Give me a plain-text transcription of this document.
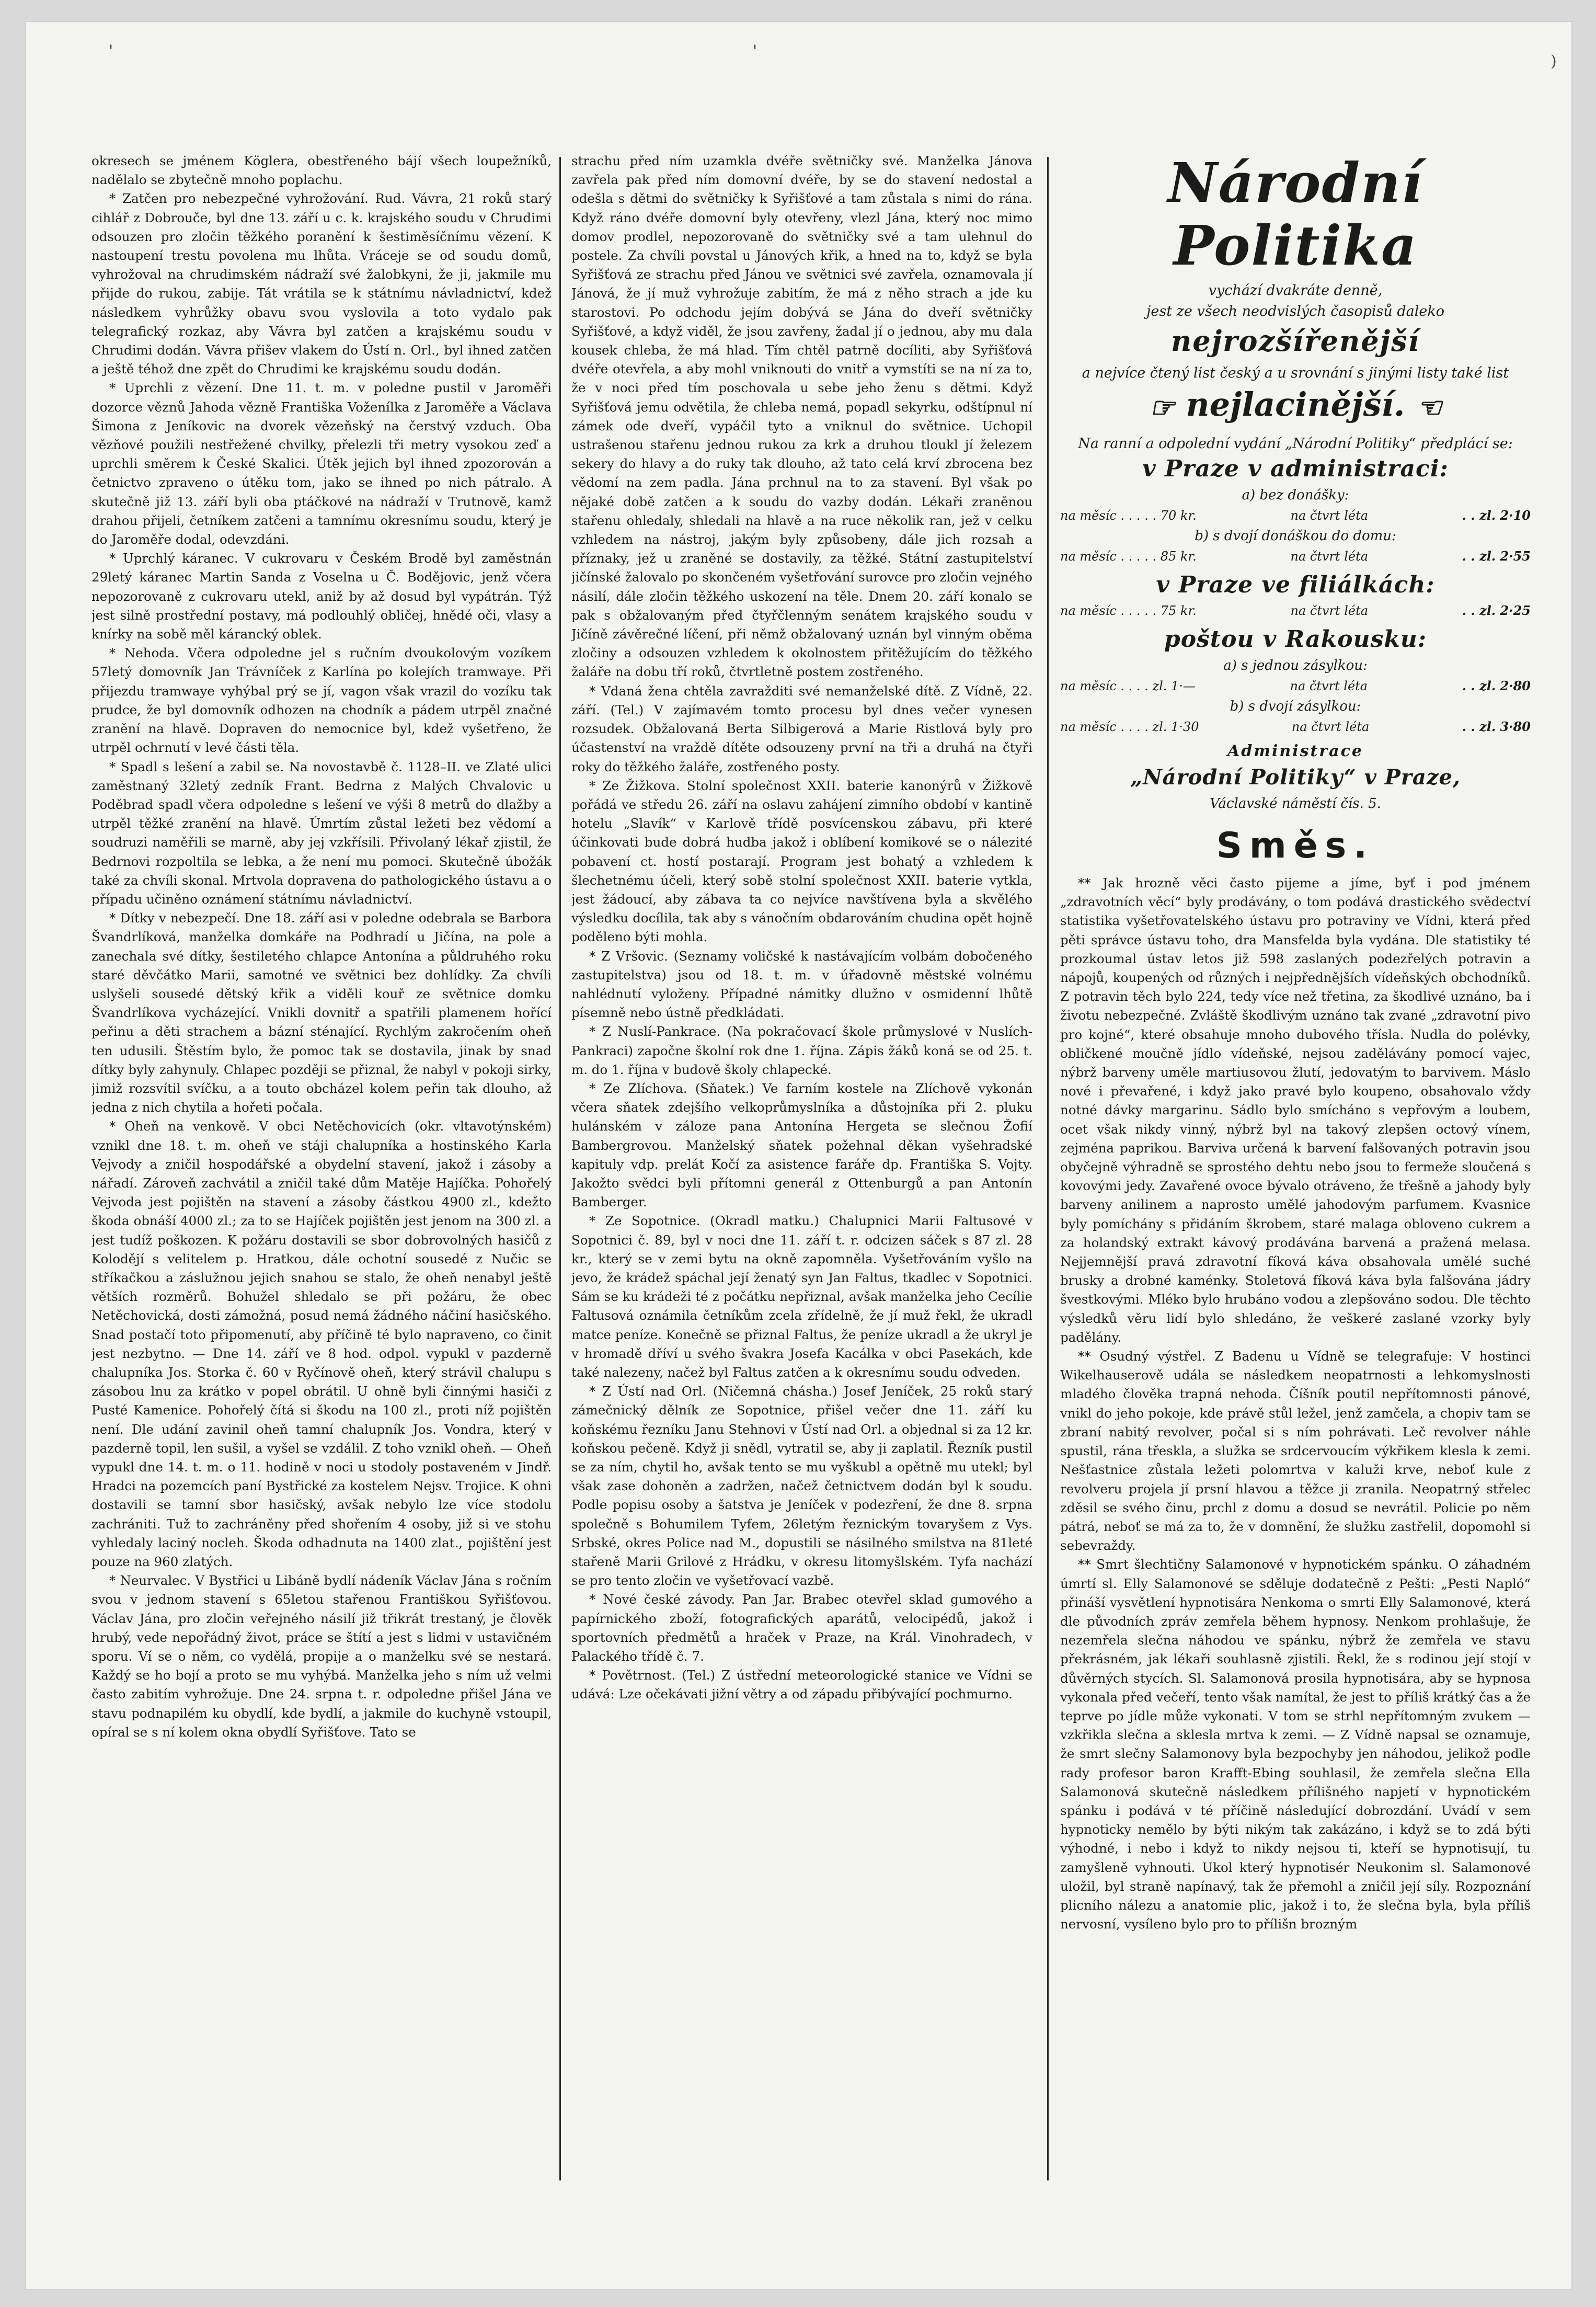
'	'
)

okresech se jménem Köglera, obestřeného bájí všech loupežníků, nadělalo se zbytečně mnoho poplachu.

* Zatčen pro nebezpečné vyhrožování. Rud. Vávra, 21 roků starý cihlář z Dobrouče, byl dne 13. září u c. k. krajského soudu v Chrudimi odsouzen pro zločin těžkého poranění k šestiměsíčnímu vězení. K nastoupení trestu povolena mu lhůta. Vráceje se od soudu domů, vyhrožoval na chrudimském nádraží své žalobkyni, že ji, jakmile mu přijde do rukou, zabije. Tát vrátila se k státnímu návladnictví, kdež následkem vyhrůžky obavu svou vyslovila a toto vydalo pak telegrafický rozkaz, aby Vávra byl zatčen a krajskému soudu v Chrudimi dodán. Vávra přišev vlakem do Ústí n. Orl., byl ihned zatčen a ještě téhož dne zpět do Chrudimi ke krajskému soudu dodán.

* Uprchli z vězení. Dne 11. t. m. v poledne pustil v Jaroměři dozorce věznů Jahoda vězně Františka Voženílka z Jaroměře a Václava Šimona z Jeníkovic na dvorek vězeňský na čerstvý vzduch. Oba vězňové použili nestřežené chvilky, přelezli tři metry vysokou zeď a uprchli směrem k České Skalici. Útěk jejich byl ihned zpozorován a četnictvo zpraveno o útěku tom, jako se ihned po nich pátralo. A skutečně již 13. září byli oba ptáčkové na nádraží v Trutnově, kamž drahou přijeli, četníkem zatčeni a tamnímu okresnímu soudu, který je do Jaroměře dodal, odevzdáni.

* Uprchlý káranec. V cukrovaru v Českém Brodě byl zaměstnán 29letý káranec Martin Sanda z Voselna u Č. Bodějovic, jenž včera nepozorovaně z cukrovaru utekl, aniž by až dosud byl vypátrán. Týž jest silně prostřední postavy, má podlouhlý obličej, hnědé oči, vlasy a knírky na sobě měl kárancký oblek.

* Nehoda. Včera odpoledne jel s ručním dvoukolovým vozíkem 57letý domovník Jan Trávníček z Karlína po kolejích tramwaye. Při přijezdu tramwaye vyhýbal prý se jí, vagon však vrazil do vozíku tak prudce, že byl domovník odhozen na chodník a pádem utrpěl značné zranění na hlavě. Dopraven do nemocnice byl, kdež vyšetřeno, že utrpěl ochrnutí v levé části těla.

* Spadl s lešení a zabil se. Na novostavbě č. 1128–II. ve Zlaté ulici zaměstnaný 32letý zedník Frant. Bedrna z Malých Chvalovic u Poděbrad spadl včera odpoledne s lešení ve výši 8 metrů do dlažby a utrpěl těžké zranění na hlavě. Úmrtím zůstal ležeti bez vědomí a soudruzi naměřili se marně, aby jej vzkřísili. Přivolaný lékař zjistil, že Bedrnovi rozpoltila se lebka, a že není mu pomoci. Skutečně úbožák také za chvíli skonal. Mrtvola dopravena do pathologického ústavu a o případu učiněno oznámení státnímu návladnictví.

* Dítky v nebezpečí. Dne 18. září asi v poledne odebrala se Barbora Švandrlíková, manželka domkáře na Podhradí u Jičína, na pole a zanechala své dítky, šestiletého chlapce Antonína a půldruhého roku staré děvčátko Marii, samotné ve světnici bez dohlídky. Za chvíli uslyšeli sousedé dětský křik a viděli kouř ze světnice domku Švandrlíkova vycházející. Vnikli dovnitř a spatřili plamenem hořící peřinu a děti strachem a bázní sténající. Rychlým zakročením oheň ten udusili. Štěstím bylo, že pomoc tak se dostavila, jinak by snad dítky byly zahynuly. Chlapec později se přiznal, že nabyl v pokoji sirky, jimiž rozsvítil svíčku, a a touto obcházel kolem peřin tak dlouho, až jedna z nich chytila a hořeti počala.

* Oheň na venkově. V obci Netěchovicích (okr. vltavotýnském) vznikl dne 18. t. m. oheň ve stáji chalupníka a hostinského Karla Vejvody a zničil hospodářské a obydelní stavení, jakož i zásoby a nářadí. Zároveň zachvátil a zničil také dům Matěje Hajíčka. Pohořelý Vejvoda jest pojištěn na stavení a zásoby částkou 4900 zl., kdežto škoda obnáší 4000 zl.; za to se Hajíček pojištěn jest jenom na 300 zl. a jest tudíž poškozen. K požáru dostavili se sbor dobrovolných hasičů z Kolodějí s velitelem p. Hratkou, dále ochotní sousedé z Nučic se stříkačkou a záslužnou jejich snahou se stalo, že oheň nenabyl ještě větších rozměrů. Bohužel shledalo se při požáru, že obec Netěchovická, dosti zámožná, posud nemá žádného náčiní hasičského. Snad postačí toto připomenutí, aby příčině té bylo napraveno, co činit jest nezbytno. — Dne 14. září ve 8 hod. odpol. vypukl v pazderně chalupníka Jos. Storka č. 60 v Ryčínově oheň, který strávil chalupu s zásobou lnu za krátko v popel obrátil. U ohně byli činnými hasiči z Pusté Kamenice. Pohořelý čítá si škodu na 100 zl., proti níž pojištěn není. Dle udání zavinil oheň tamní chalupník Jos. Vondra, který v pazderně topil, len sušil, a vyšel se vzdálil. Z toho vznikl oheň. — Oheň vypukl dne 14. t. m. o 11. hodině v noci u stodoly postaveném v Jindř. Hradci na pozemcích paní Bystřické za kostelem Nejsv. Trojice. K ohni dostavili se tamní sbor hasičský, avšak nebylo lze více stodolu zachrániti. Tuž to zachráněny před shořením 4 osoby, již si ve stohu vyhledaly laciný nocleh. Škoda odhadnuta na 1400 zlat., pojištění jest pouze na 960 zlatých.

* Neurvalec. V Bystřici u Libáně bydlí nádeník Václav Jána s ročním svou v jednom stavení s 65letou stařenou Františkou Syřišťovou. Václav Jána, pro zločin veřejného násilí již třikrát trestaný, je člověk hrubý, vede nepořádný život, práce se štítí a jest s lidmi v ustavičném sporu. Ví se o něm, co vydělá, propije a o manželku své se nestará. Každý se ho bojí a proto se mu vyhýbá. Manželka jeho s ním už velmi často zabitím vyhrožuje. Dne 24. srpna t. r. odpoledne přišel Jána ve stavu podnapilém ku obydlí, kde bydlí, a jakmile do kuchyně vstoupil, opíral se s ní kolem okna obydlí Syřišťove. Tato se

strachu před ním uzamkla dvéře světničky své. Manželka Jánova zavřela pak před ním domovní dvéře, by se do stavení nedostal a odešla s dětmi do světničky k Syřišťové a tam zůstala s nimi do rána. Když ráno dvéře domovní byly otevřeny, vlezl Jána, který noc mimo domov prodlel, nepozorovaně do světničky své a tam ulehnul do postele. Za chvíli povstal u Jánových křik, a hned na to, když se byla Syřišťová ze strachu před Jánou ve světnici své zavřela, oznamovala jí Jánová, že jí muž vyhrožuje zabitím, že má z něho strach a jde ku starostovi. Po odchodu jejím dobývá se Jána do dveří světničky Syřišťové, a když viděl, že jsou zavřeny, žadal jí o jednou, aby mu dala kousek chleba, že má hlad. Tím chtěl patrně docíliti, aby Syřišťová dvéře otevřela, a aby mohl vniknouti do vnitř a vymstíti se na ní za to, že v noci před tím poschovala u sebe jeho ženu s dětmi. Když Syřišťová jemu odvětila, že chleba nemá, popadl sekyrku, odštípnul ní zámek ode dveří, vypáčil tyto a vniknul do světnice. Uchopil ustrašenou stařenu jednou rukou za krk a druhou tloukl jí železem sekery do hlavy a do ruky tak dlouho, až tato celá krví zbrocena bez vědomí na zem padla. Jána prchnul na to za stavení. Byl však po nějaké době zatčen a k soudu do vazby dodán. Lékaři zraněnou stařenu ohledaly, shledali na hlavě a na ruce několik ran, jež v celku vzhledem na nástroj, jakým byly způsobeny, dále jich rozsah a příznaky, jež u zraněné se dostavily, za těžké. Státní zastupitelství jičínské žalovalo po skončeném vyšetřování surovce pro zločin vejného násilí, dále zločin těžkého uskození na těle. Dnem 20. září konalo se pak s obžalovaným před čtyřčlenným senátem krajského soudu v Jičíně závěrečné líčení, při němž obžalovaný uznán byl vinným oběma zločiny a odsouzen vzhledem k okolnostem přitěžujícím do těžkého žaláře na dobu tří roků, čtvrtletně postem zostřeného.

* Vdaná žena chtěla zavražditi své nemanželské dítě. Z Vídně, 22. září. (Tel.) V zajímavém tomto procesu byl dnes večer vynesen rozsudek. Obžalovaná Berta Silbigerová a Marie Ristlová byly pro účastenství na vraždě dítěte odsouzeny první na tři a druhá na čtyři roky do těžkého žaláře, zostřeného posty.

* Ze Žižkova. Stolní společnost XXII. baterie kanonýrů v Žižkově pořádá ve středu 26. září na oslavu zahájení zimního období v kantině hotelu „Slavík“ v Karlově třídě posvícenskou zábavu, při které účinkovati bude dobrá hudba jakož i oblíbení komikové se o nálezité pobavení ct. hostí postarají. Program jest bohatý a vzhledem k šlechetnému účeli, který sobě stolní společnost XXII. baterie vytkla, jest žádoucí, aby zábava ta co nejvíce navštívena byla a skvělého výsledku docílila, tak aby s vánočním obdarováním chudina opět hojně poděleno býti mohla.

* Z Vršovic. (Seznamy voličské k nastávajícím volbám dobočeného zastupitelstva) jsou od 18. t. m. v úřadovně městské volnému nahlédnutí vyloženy. Případné námitky dlužno v osmidenní lhůtě písemně nebo ústně předkládati.

* Z Nuslí-Pankrace. (Na pokračovací škole průmyslové v Nuslích-Pankraci) započne školní rok dne 1. října. Zápis žáků koná se od 25. t. m. do 1. října v budově školy chlapecké.

* Ze Zlíchova. (Sňatek.) Ve farním kostele na Zlíchově vykonán včera sňatek zdejšího velkoprůmyslníka a důstojníka při 2. pluku hulánském v záloze pana Antonína Hergeta se slečnou Žofií Bambergrovou. Manželský sňatek požehnal děkan vyšehradské kapituly vdp. prelát Kočí za asistence faráře dp. Františka S. Vojty. Jakožto svědci byli přítomni generál z Ottenburgů a pan Antonín Bamberger.

* Ze Sopotnice. (Okradl matku.) Chalupnici Marii Faltusové v Sopotnici č. 89, byl v noci dne 11. září t. r. odcizen sáček s 87 zl. 28 kr., který se v zemi bytu na okně zapomněla. Vyšetřováním vyšlo na jevo, že krádež spáchal její ženatý syn Jan Faltus, tkadlec v Sopotnici. Sám se ku krádeži té z počátku nepřiznal, avšak manželka jeho Cecílie Faltusová oznámila četníkům zcela zřídelně, že jí muž řekl, že ukradl matce peníze. Konečně se přiznal Faltus, že peníze ukradl a že ukryl je v hromadě dříví u svého švakra Josefa Kacálka v obci Pasekách, kde také nalezeny, načež byl Faltus zatčen a k okresnímu soudu odveden.

* Z Ústí nad Orl. (Ničemná chásha.) Josef Jeníček, 25 roků starý zámečnický dělník ze Sopotnice, přišel večer dne 11. září ku koňskému řezníku Janu Stehnovi v Ústí nad Orl. a objednal si za 12 kr. koňskou pečeně. Když ji snědl, vytratil se, aby ji zaplatil. Řezník pustil se za ním, chytil ho, avšak tento se mu vyškubl a opětně mu utekl; byl však zase dohoněn a zadržen, načež četnictvem dodán byl k soudu. Podle popisu osoby a šatstva je Jeníček v podezření, že dne 8. srpna společně s Bohumilem Tyfem, 26letým řeznickým tovaryšem z Vys. Srbské, okres Police nad M., dopustili se násilného smilstva na 81leté stařeně Marii Grilové z Hrádku, v okresu litomyšlském. Tyfa nachází se pro tento zločin ve vyšetřovací vazbě.

* Nové české závody. Pan Jar. Brabec otevřel sklad gumového a papírnického zboží, fotografických aparátů, velocipédů, jakož i sportovních předmětů a hraček v Praze, na Král. Vinohradech, v Palackého třídě č. 7.

* Povětrnost. (Tel.) Z ústřední meteorologické stanice ve Vídni se udává: Lze očekávati jižní větry a od západu přibývající pochmurno.

Národní Politika

vychází dvakráte denně,

jest ze všech neodvislých časopisů daleko

nejrozšířenější

a nejvíce čtený list český a u srovnání s jinými listy také list

☞ nejlacinější. ☜

Na ranní a odpolední vydání „Národní Politiky“ předplácí se:

v Praze v administraci:

a) bez donášky:

na měsíc . . . . . 70 kr.	na čtvrt léta	. . zl. 2·10

b) s dvojí donáškou do domu:

na měsíc . . . . . 85 kr.	na čtvrt léta	. . zl. 2·55

v Praze ve filiálkách:

na měsíc . . . . . 75 kr.	na čtvrt léta	. . zl. 2·25

poštou v Rakousku:

a) s jednou zásylkou:

na měsíc . . . . zl. 1·—	na čtvrt léta	. . zl. 2·80

b) s dvojí zásylkou:

na měsíc . . . . zl. 1·30	na čtvrt léta	. . zl. 3·80

Administrace

„Národní Politiky“ v Praze,

Václavské náměstí čís. 5.

Směs.

** Jak hrozně věci často pijeme a jíme, byť i pod jménem „zdravotních věcí“ byly prodávány, o tom podává drastického svědectví statistika vyšetřovatelského ústavu pro potraviny ve Vídni, která před pěti správce ústavu toho, dra Mansfelda byla vydána. Dle statistiky té prozkoumal ústav letos již 598 zaslaných podezřelých potravin a nápojů, koupených od různých i nejpřednějších vídeňských obchodníků. Z potravin těch bylo 224, tedy více než třetina, za škodlivé uznáno, ba i životu nebezpečné. Zvláště škodlivým uznáno tak zvané „zdravotní pivo pro kojné“, které obsahuje mnoho dubového tříslа. Nudla do polévky, obličkené moučně jídlo vídeňské, nejsou zadělávány pomocí vajec, nýbrž barveny uměle martiusovou žlutí, jedovatým to barvivem. Máslo nové i převařené, i když jako pravé bylo koupeno, obsahovalo vždy notné dávky margarinu. Sádlo bylo smícháno s vepřovým a loubem, ocet však nikdy vinný, nýbrž byl na takový zlepšen octový vínem, zejména paprikou. Barviva určená k barvení falšovaných potravin jsou obyčejně výhradně se sprostého dehtu nebo jsou to fermeže sloučená s kovovými jedy. Zavařené ovoce bývalo otráveno, žе třešně a jahody byly barveny anilinem a naprosto umělé jahodovým parfumem. Kvasnice byly pomíchány s přidáním škrobem, staré malaga obloveno cukrem a za holandský extrakt kávový prodávána barvená a pražená melasa. Nejjemnější pravá zdravotní fíková káva obsahovala umělé suché brusky a drobné kaménky. Stoletová fíková káva byla falšována jádry švestkovými. Mléko bylo hrubáno vodou a zlepšováno sodou. Dle těchto výsledků věru lidí bylo shledáno, že veškeré zaslané vzorky byly padělány.

** Osudný výstřel. Z Badenu u Vídně se telegrafuje: V hostinci Wikelhauserově udála se následkem neopatrnosti a lehkomyslnosti mladého člověka trapná nehoda. Číšník poutil nepřítomnosti pánové, vnikl do jeho pokoje, kde právě stůl ležel, jenž zamčela, a chopiv tam se zbraní nabitý revolver, počal si s ním pohrávati. Leč revolver náhle spustil, rána třeskla, a služka se srdcervoucím výkřikem klesla k zemi. Nešťastnice zůstala ležeti polomrtva v kaluži krve, neboť kule z revolveru projela jí prsní hlavou a těžce ji zranila. Neopatrný střelec zděsil se svého činu, prchl z domu a dosud se nevrátil. Policie po něm pátrá, neboť se má za to, že v domnění, že služku zastřelil, dopomohl si sebevraždy.

** Smrt šlechtičny Salamonové v hypnotickém spánku. O záhadném úmrtí sl. Elly Salamonové se sděluje dodatečně z Pešti: „Pesti Napló“ přináší vysvětlení hypnotisára Nenkoma o smrti Elly Salamonové, která dle původních zpráv zemřela během hypnosy. Nenkom prohlašuje, že nezemřela slečna náhodou ve spánku, nýbrž že zemřela ve stavu překrásném, jak lékaři souhlasně zjistili. Řekl, že s rodinou její stojí v důvěrných stycích. Sl. Salamonová prosila hypnotisára, aby se hypnosa vykonala před večeří, tento však namítal, že jest to příliš krátký čas a že teprve po jídle může vykonati. V tom se strhl nepřítomným zvukem — vzkřikla slečna a sklesla mrtva k zemi. — Z Vídně napsal se oznamuje, že smrt slečny Salamonovy byla bezpochyby jen náhodou, jelikož podle rady profesor baron Krafft-Ebing souhlasil, že zemřela slečna Ella Salamonová skutečně následkem přílišného napjetí v hypnotickém spánku i podává v té příčině následující dobrozdání. Uvádí v sem hypnoticky nemělo by býti nikým tak zakázáno, i když se to zdá býti výhodné, i nebo i když to nikdy nejsou ti, kteří se hypnotisují, tu zamyšleně vyhnouti. Ukol který hypnotisér Neukonim sl. Salamonové uložil, byl straně napínavý, tak že přemohl a zničil její síly. Rozpoznání plicního nálezu a anatomie plic, jakož i to, že slečna byla, byla příliš nervosní, vysíleno bylo pro to přílišn brozným
